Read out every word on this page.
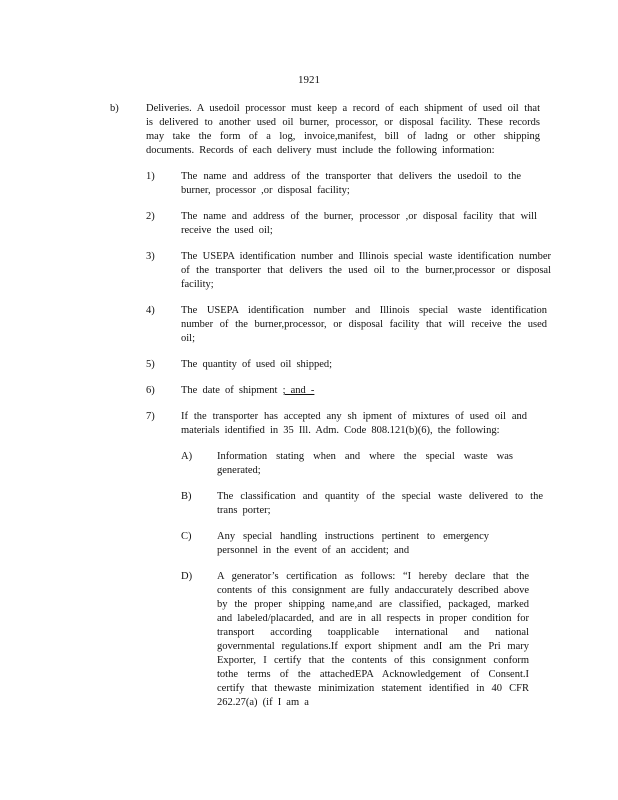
1921
b)	Deliveries. A usedoil processor must keep a record of each shipment of used oil that is delivered to another used oil burner, processor, or disposal facility. These records may take the form of a log, invoice,manifest, bill of ladng or other shipping documents. Records of each delivery must include the following information:
1)	The name and address of the transporter that delivers the usedoil to the burner, processor ,or disposal facility;
2)	The name and address of the burner, processor ,or disposal facility that will receive the used oil;
3)	The USEPA identification number and Illinois special waste identification number of the transporter that delivers the used oil to the burner,processor or disposal facility;
4)	The USEPA identification number and Illinois special waste identification number of the burner,processor, or disposal facility that will receive the used oil;
5)	The quantity of used oil shipped;
6)	The date of shipment ; and -
7)	If the transporter has accepted any sh ipment of mixtures of used oil and materials identified in 35 Ill. Adm. Code 808.121(b)(6), the following:
A) Information stating when and where the special waste was generated;
B) The classification and quantity of the special waste delivered to the trans porter;
C) Any special handling instructions pertinent to emergency personnel in the event of an accident; and
D) A generator’s certification as follows: “I hereby declare that the contents of this consignment are fully andaccurately described above by the proper shipping name,and are classified, packaged, marked and labeled/placarded, and are in all respects in proper condition for transport according toapplicable international and national governmental regulations.If export shipment andI am the Pri mary Exporter, I certify that the contents of this consignment conform tothe terms of the attachedEPA Acknowledgement of Consent.I certify that thewaste minimization statement identified in 40 CFR 262.27(a) (if I am a
